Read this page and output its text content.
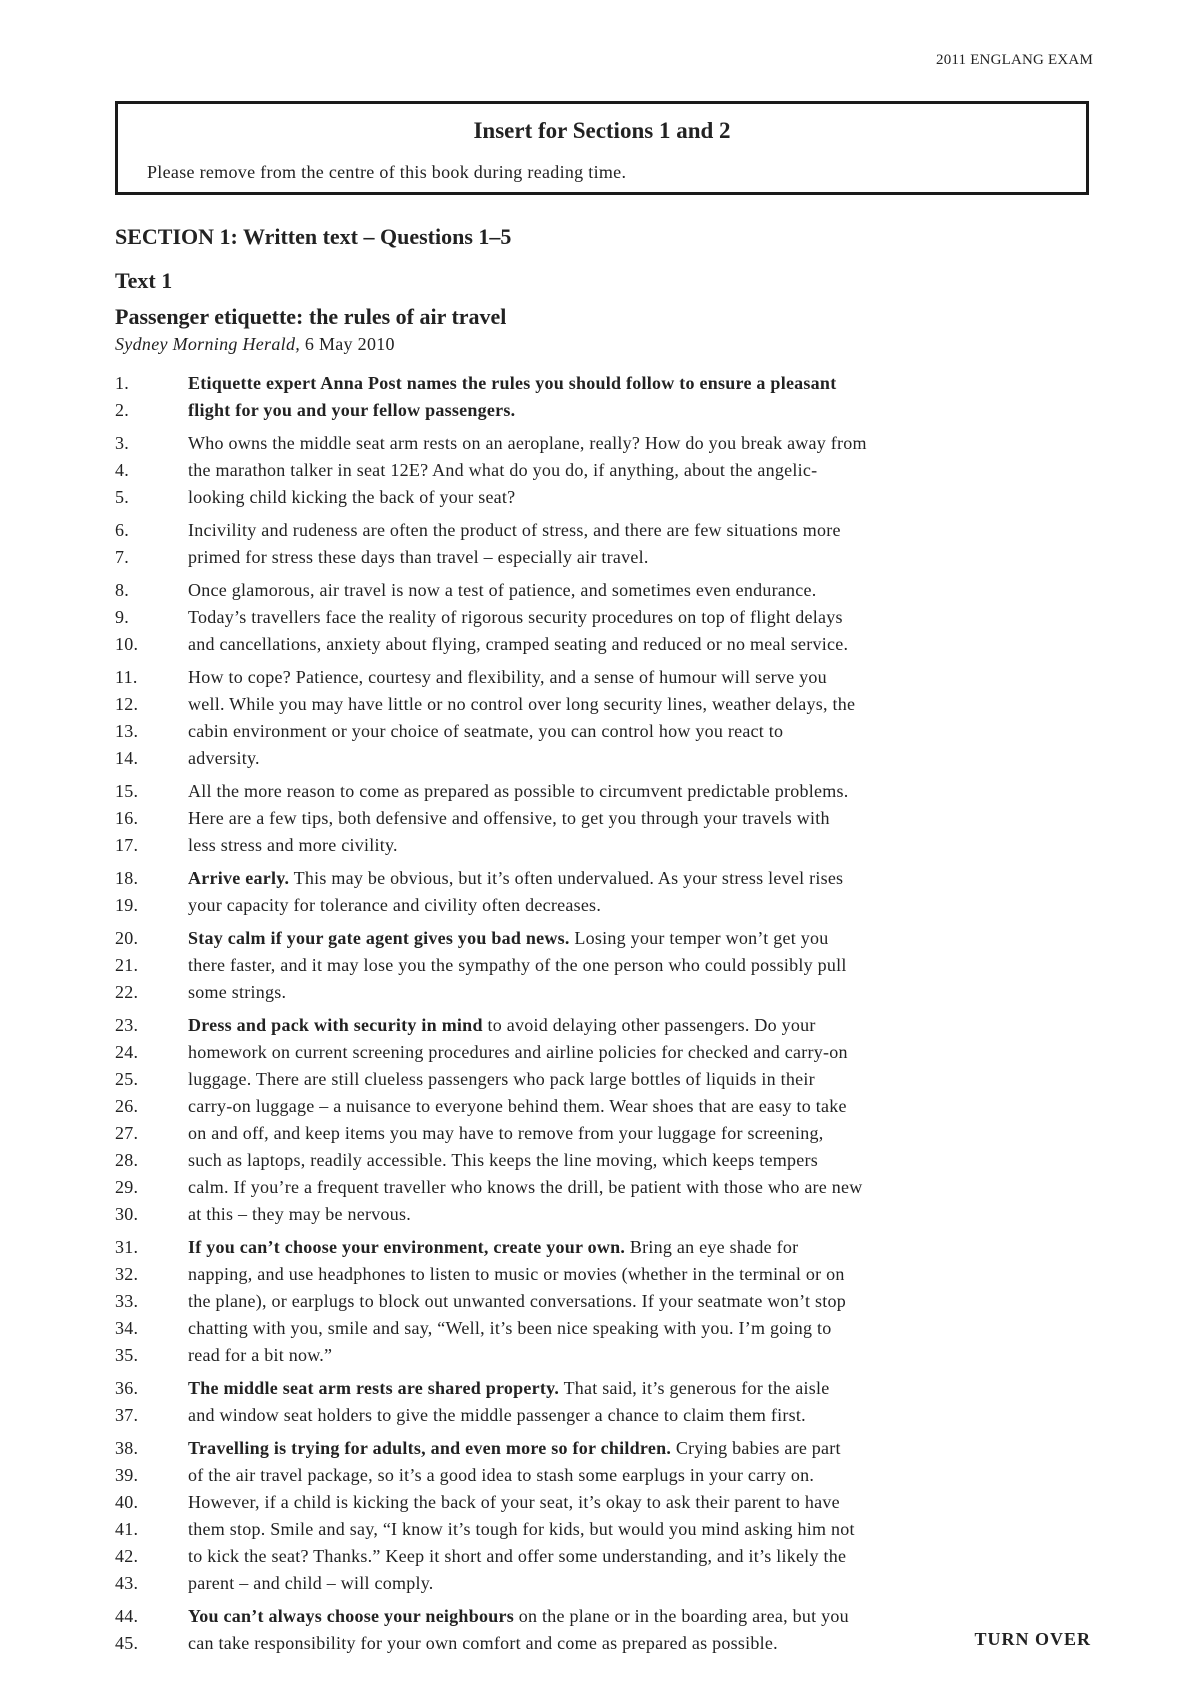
2011 ENGLANG EXAM
Insert for Sections 1 and 2
Please remove from the centre of this book during reading time.
SECTION 1: Written text – Questions 1–5
Text 1
Passenger etiquette: the rules of air travel
Sydney Morning Herald, 6 May 2010
1.	Etiquette expert Anna Post names the rules you should follow to ensure a pleasant
2.	flight for you and your fellow passengers.
3.	Who owns the middle seat arm rests on an aeroplane, really? How do you break away from
4.	the marathon talker in seat 12E? And what do you do, if anything, about the angelic-
5.	looking child kicking the back of your seat?
6.	Incivility and rudeness are often the product of stress, and there are few situations more
7.	primed for stress these days than travel – especially air travel.
8.	Once glamorous, air travel is now a test of patience, and sometimes even endurance.
9.	Today’s travellers face the reality of rigorous security procedures on top of flight delays
10.	and cancellations, anxiety about flying, cramped seating and reduced or no meal service.
11.	How to cope? Patience, courtesy and flexibility, and a sense of humour will serve you
12.	well. While you may have little or no control over long security lines, weather delays, the
13.	cabin environment or your choice of seatmate, you can control how you react to
14.	adversity.
15.	All the more reason to come as prepared as possible to circumvent predictable problems.
16.	Here are a few tips, both defensive and offensive, to get you through your travels with
17.	less stress and more civility.
18.	Arrive early. This may be obvious, but it’s often undervalued. As your stress level rises
19.	your capacity for tolerance and civility often decreases.
20.	Stay calm if your gate agent gives you bad news. Losing your temper won’t get you
21.	there faster, and it may lose you the sympathy of the one person who could possibly pull
22.	some strings.
23.	Dress and pack with security in mind to avoid delaying other passengers. Do your
24.	homework on current screening procedures and airline policies for checked and carry-on
25.	luggage. There are still clueless passengers who pack large bottles of liquids in their
26.	carry-on luggage – a nuisance to everyone behind them. Wear shoes that are easy to take
27.	on and off, and keep items you may have to remove from your luggage for screening,
28.	such as laptops, readily accessible. This keeps the line moving, which keeps tempers
29.	calm. If you’re a frequent traveller who knows the drill, be patient with those who are new
30.	at this – they may be nervous.
31.	If you can’t choose your environment, create your own. Bring an eye shade for
32.	napping, and use headphones to listen to music or movies (whether in the terminal or on
33.	the plane), or earplugs to block out unwanted conversations. If your seatmate won’t stop
34.	chatting with you, smile and say, “Well, it’s been nice speaking with you. I’m going to
35.	read for a bit now.”
36.	The middle seat arm rests are shared property. That said, it’s generous for the aisle
37.	and window seat holders to give the middle passenger a chance to claim them first.
38.	Travelling is trying for adults, and even more so for children. Crying babies are part
39.	of the air travel package, so it’s a good idea to stash some earplugs in your carry on.
40.	However, if a child is kicking the back of your seat, it’s okay to ask their parent to have
41.	them stop. Smile and say, “I know it’s tough for kids, but would you mind asking him not
42.	to kick the seat? Thanks.” Keep it short and offer some understanding, and it’s likely the
43.	parent – and child – will comply.
44.	You can’t always choose your neighbours on the plane or in the boarding area, but you
45.	can take responsibility for your own comfort and come as prepared as possible.	TURN OVER
